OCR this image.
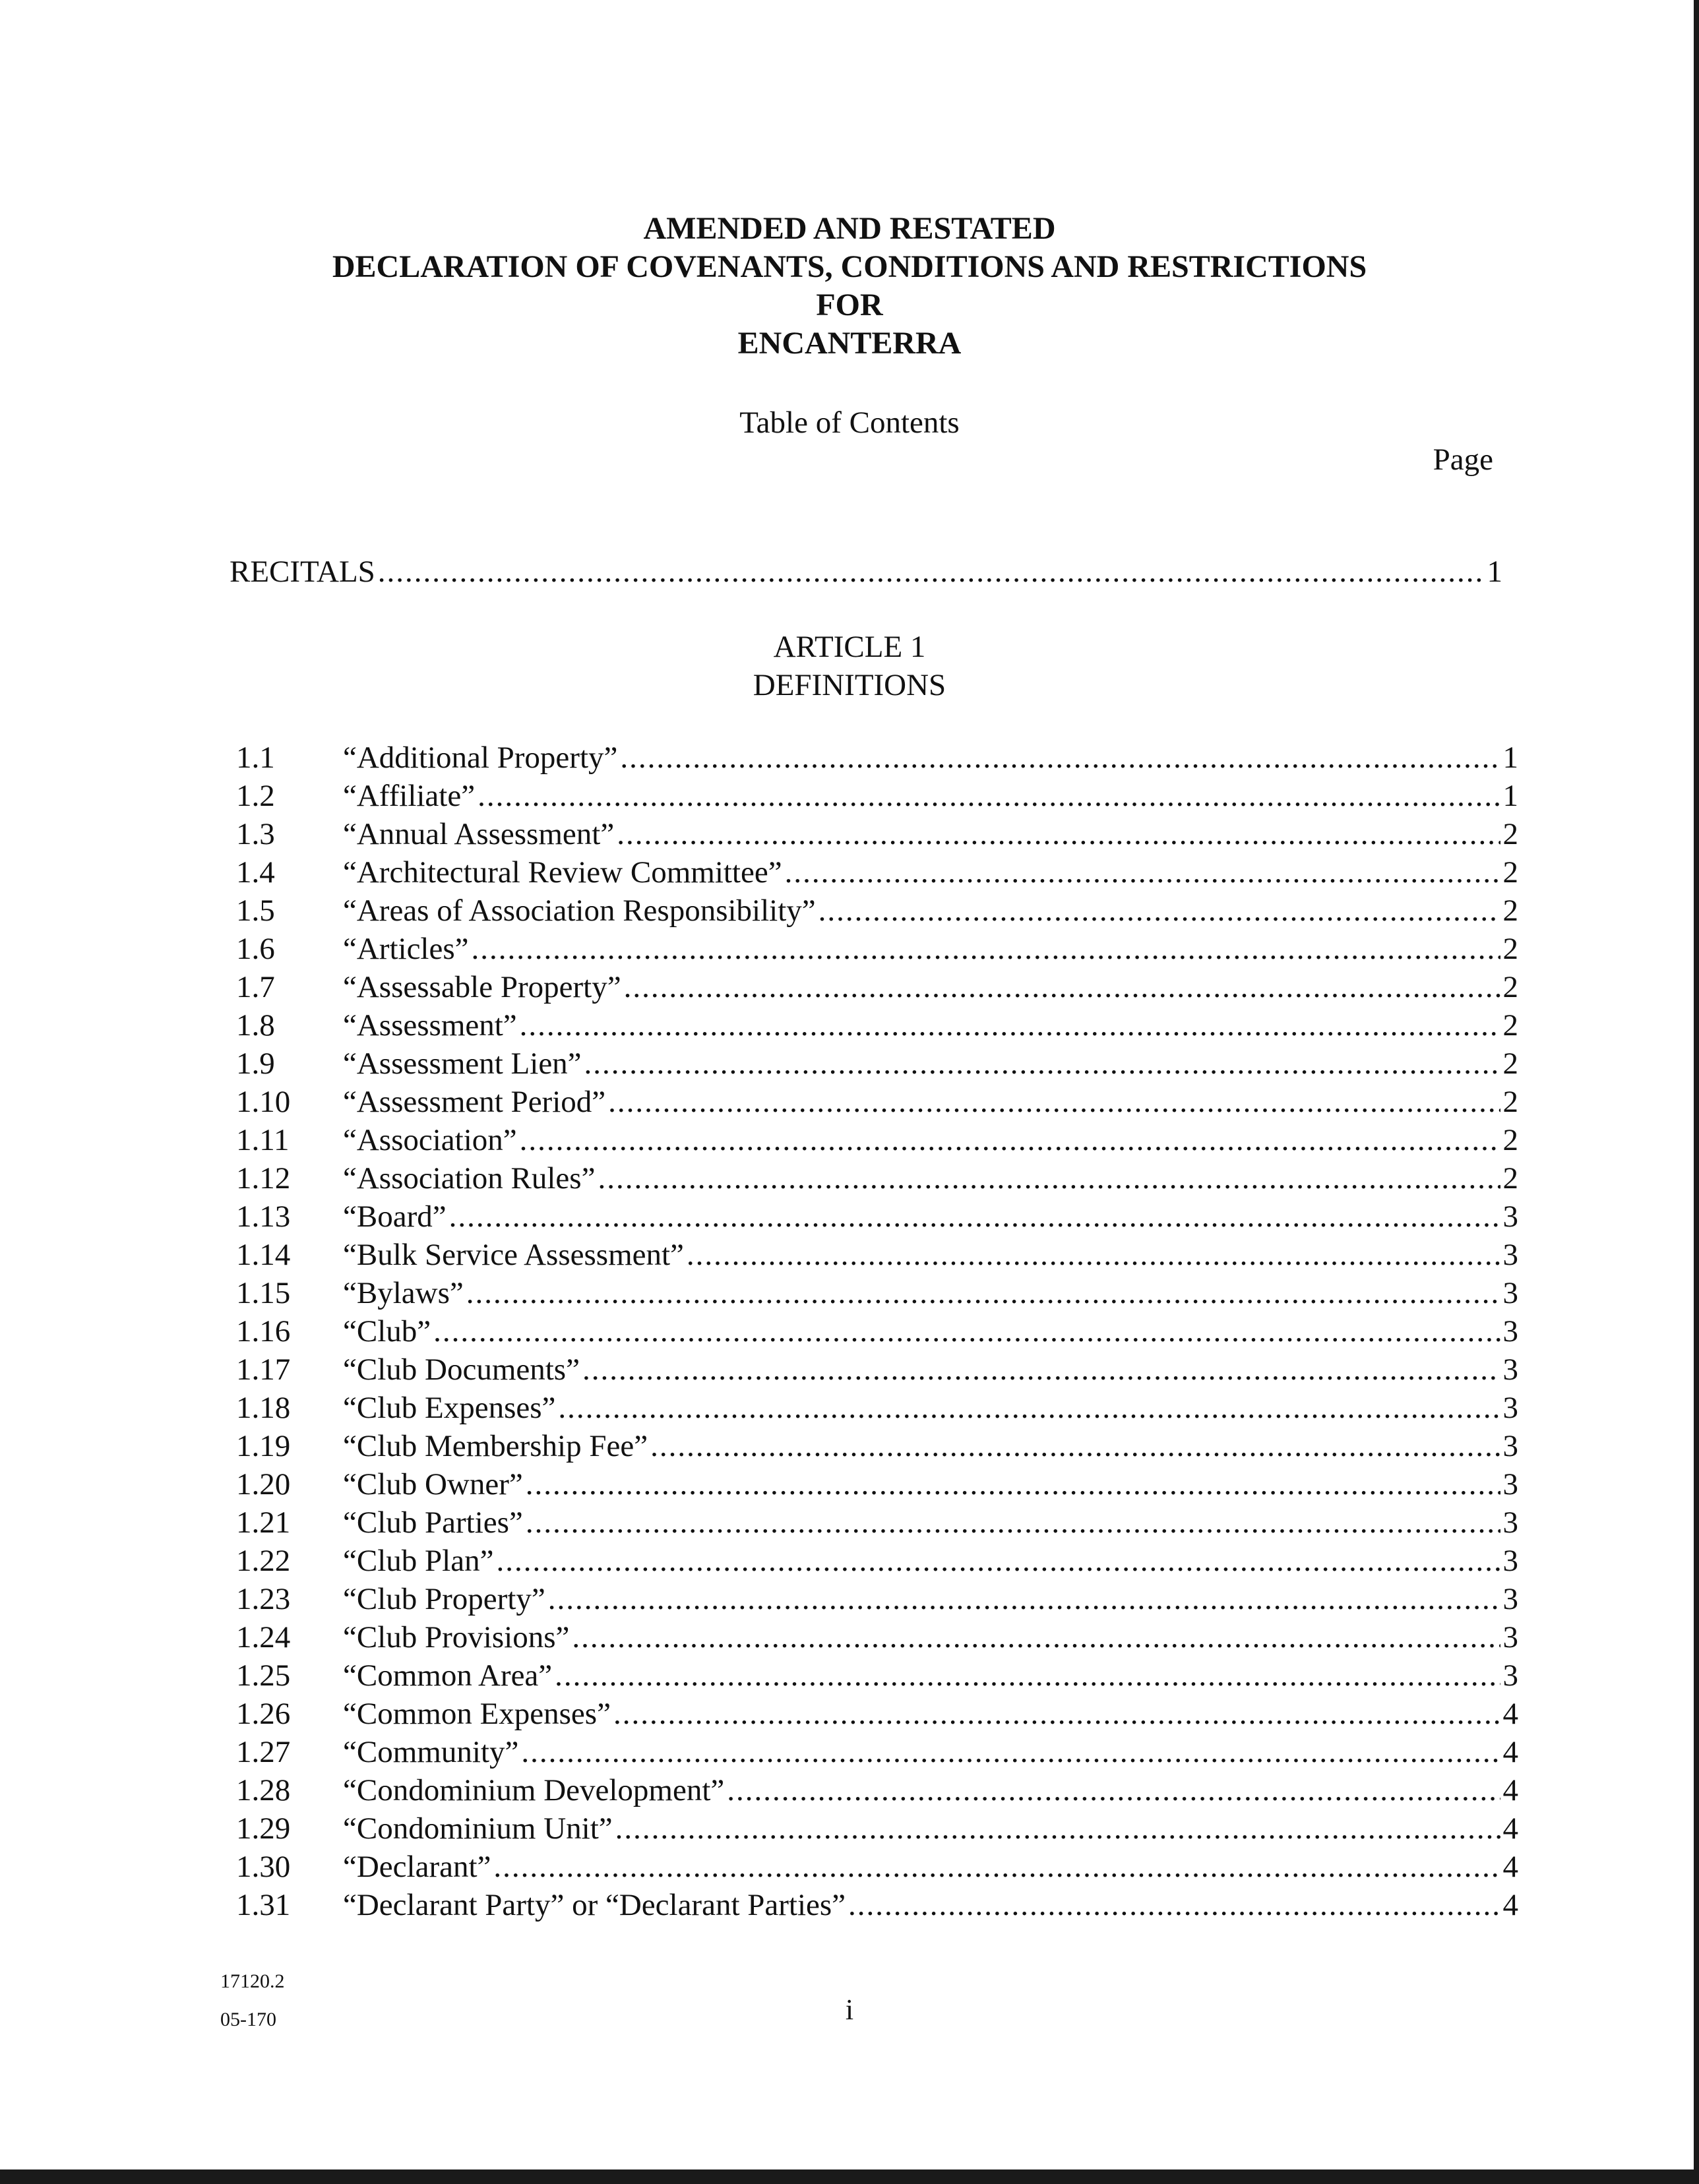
AMENDED AND RESTATED
DECLARATION OF COVENANTS, CONDITIONS AND RESTRICTIONS
FOR
ENCANTERRA
Table of Contents
Page
RECITALS .....	1
ARTICLE 1
DEFINITIONS
1.1	“Additional Property” .....	1
1.2	“Affiliate” .....	1
1.3	“Annual Assessment” .....	2
1.4	“Architectural Review Committee” .....	2
1.5	“Areas of Association Responsibility” .....	2
1.6	“Articles” .....	2
1.7	“Assessable Property” .....	2
1.8	“Assessment” .....	2
1.9	“Assessment Lien” .....	2
1.10	“Assessment Period” .....	2
1.11	“Association” .....	2
1.12	“Association Rules” .....	2
1.13	“Board” .....	3
1.14	“Bulk Service Assessment” .....	3
1.15	“Bylaws” .....	3
1.16	“Club” .....	3
1.17	“Club Documents” .....	3
1.18	“Club Expenses” .....	3
1.19	“Club Membership Fee” .....	3
1.20	“Club Owner” .....	3
1.21	“Club Parties” .....	3
1.22	“Club Plan” .....	3
1.23	“Club Property” .....	3
1.24	“Club Provisions” .....	3
1.25	“Common Area” .....	3
1.26	“Common Expenses” .....	4
1.27	“Community” .....	4
1.28	“Condominium Development” .....	4
1.29	“Condominium Unit” .....	4
1.30	“Declarant” .....	4
1.31	“Declarant Party” or “Declarant Parties” .....	4
17120.2
05-170	i
